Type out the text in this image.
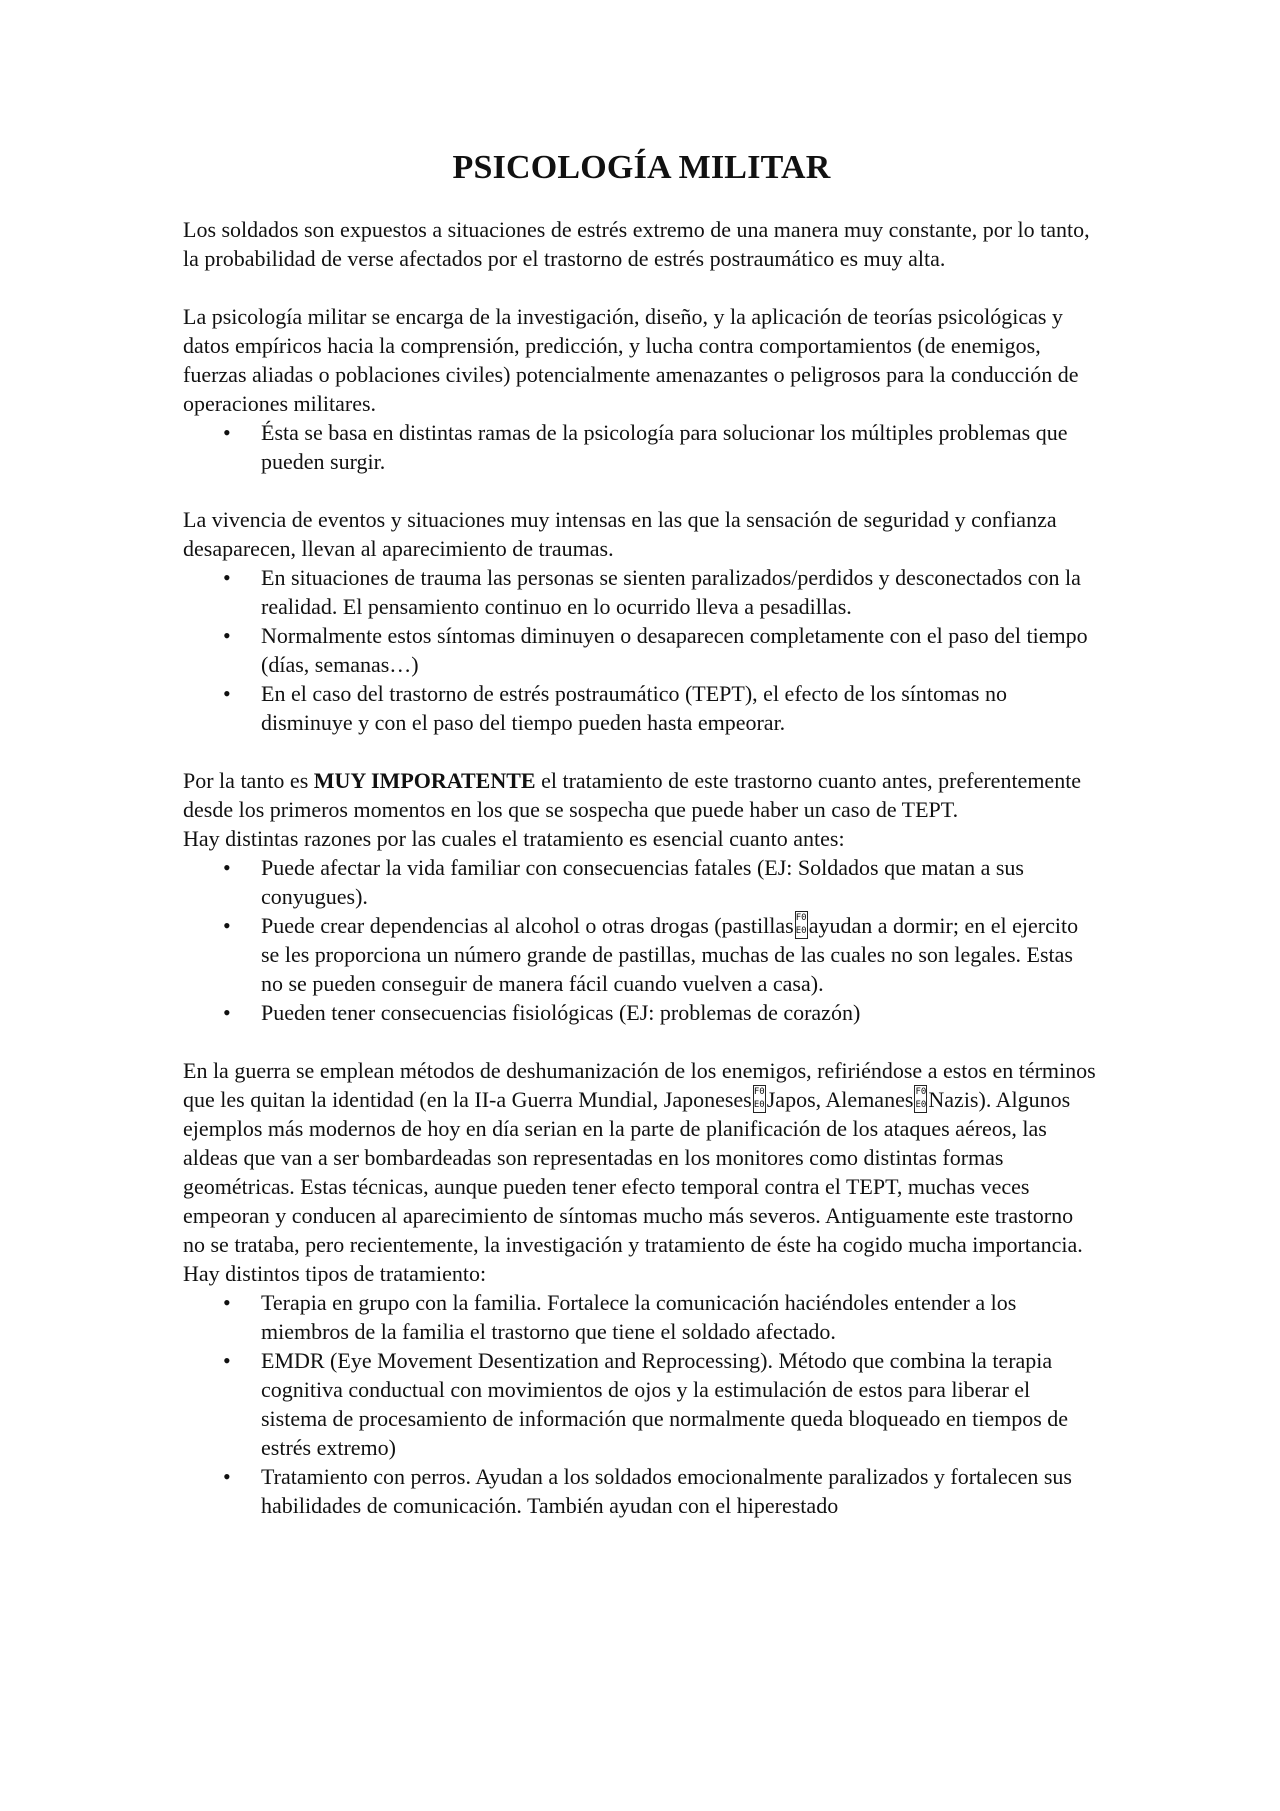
PSICOLOGÍA MILITAR

Los soldados son expuestos a situaciones de estrés extremo de una manera muy constante, por lo tanto, la probabilidad de verse afectados por el trastorno de estrés postraumático es muy alta.

La psicología militar se encarga de la investigación, diseño, y la aplicación de teorías psicológicas y datos empíricos hacia la comprensión, predicción, y lucha contra comportamientos (de enemigos, fuerzas aliadas o poblaciones civiles) potencialmente amenazantes o peligrosos para la conducción de operaciones militares.

• Ésta se basa en distintas ramas de la psicología para solucionar los múltiples problemas que pueden surgir.

La vivencia de eventos y situaciones muy intensas en las que la sensación de seguridad y confianza desaparecen, llevan al aparecimiento de traumas.

• En situaciones de trauma las personas se sienten paralizados/perdidos y desconectados con la realidad. El pensamiento continuo en lo ocurrido lleva a pesadillas.
• Normalmente estos síntomas diminuyen o desaparecen completamente con el paso del tiempo (días, semanas…)
• En el caso del trastorno de estrés postraumático (TEPT), el efecto de los síntomas no disminuye y con el paso del tiempo pueden hasta empeorar.

Por la tanto es MUY IMPORATENTE el tratamiento de este trastorno cuanto antes, preferentemente desde los primeros momentos en los que se sospecha que puede haber un caso de TEPT.

Hay distintas razones por las cuales el tratamiento es esencial cuanto antes:

• Puede afectar la vida familiar con consecuencias fatales (EJ: Soldados que matan a sus conyugues).
• Puede crear dependencias al alcohol o otras drogas (pastillas F0
E0ayudan a dormir; en el ejercito se les proporciona un número grande de pastillas, muchas de las cuales no son legales. Estas no se pueden conseguir de manera fácil cuando vuelven a casa).
• Pueden tener consecuencias fisiológicas (EJ: problemas de corazón)

En la guerra se emplean métodos de deshumanización de los enemigos, refiriéndose a estos en términos que les quitan la identidad (en la II-a Guerra Mundial, Japoneses F0
E0Japos, Alemanes F0
E0Nazis). Algunos ejemplos más modernos de hoy en día serian en la parte de planificación de los ataques aéreos, las aldeas que van a ser bombardeadas son representadas en los monitores como distintas formas geométricas. Estas técnicas, aunque pueden tener efecto temporal contra el TEPT, muchas veces empeoran y conducen al aparecimiento de síntomas mucho más severos. Antiguamente este trastorno no se trataba, pero recientemente, la investigación y tratamiento de éste ha cogido mucha importancia. Hay distintos tipos de tratamiento:

• Terapia en grupo con la familia. Fortalece la comunicación haciéndoles entender a los miembros de la familia el trastorno que tiene el soldado afectado.
• EMDR (Eye Movement Desentization and Reprocessing). Método que combina la terapia cognitiva conductual con movimientos de ojos y la estimulación de estos para liberar el sistema de procesamiento de información que normalmente queda bloqueado en tiempos de estrés extremo)
• Tratamiento con perros. Ayudan a los soldados emocionalmente paralizados y fortalecen sus habilidades de comunicación. También ayudan con el hiperestado
